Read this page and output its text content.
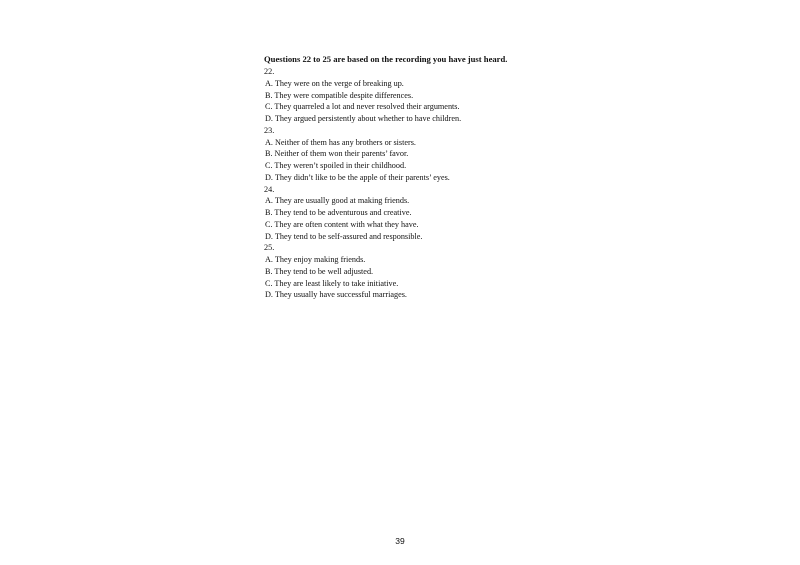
Questions 22 to 25 are based on the recording you have just heard.
22.
A. They were on the verge of breaking up.
B. They were compatible despite differences.
C. They quarreled a lot and never resolved their arguments.
D. They argued persistently about whether to have children.
23.
A. Neither of them has any brothers or sisters.
B. Neither of them won their parents’ favor.
C. They weren’t spoiled in their childhood.
D. They didn’t like to be the apple of their parents’ eyes.
24.
A. They are usually good at making friends.
B. They tend to be adventurous and creative.
C. They are often content with what they have.
D. They tend to be self-assured and responsible.
25.
A. They enjoy making friends.
B. They tend to be well adjusted.
C. They are least likely to take initiative.
D. They usually have successful marriages.
39
